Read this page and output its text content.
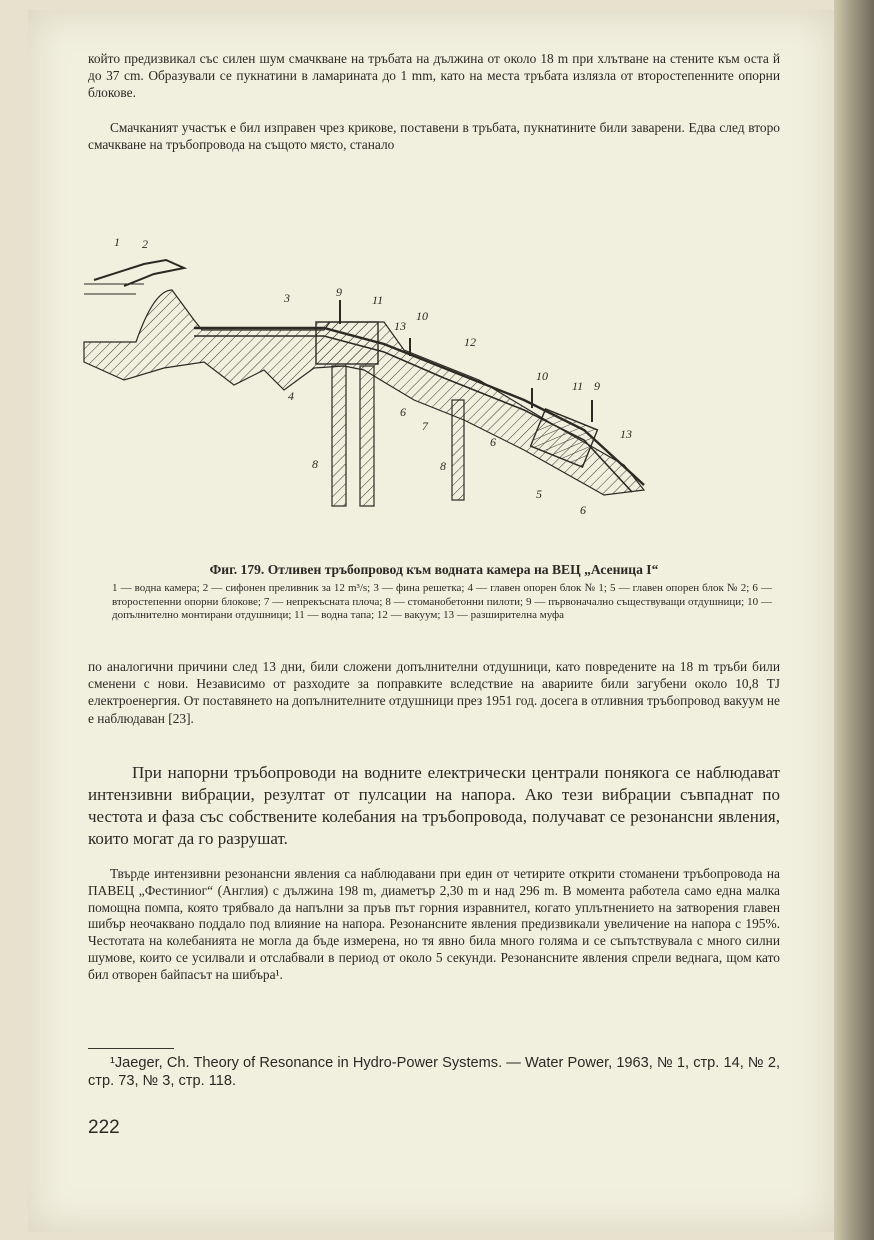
който предизвикал със силен шум смачкване на тръбата на дължина от около 18 m при хлътване на стените към оста й до 37 cm. Образували се пукнатини в ламарината до 1 mm, като на места тръбата излязла от второстепенните опорни блокове.

Смачканият участък е бил изправен чрез крикове, поставени в тръбата, пукнатините били заварени. Едва след второ смачкване на тръбопровода на същото място, станало

1 2
3	9
11
13
10
4
12
10
11 9
6
7
6
13
8	8
5
6

Фиг. 179. Отливен тръбопровод към водната камера на ВЕЦ „Асеница I“

1 — водна камера; 2 — сифонен преливник за 12 m³/s; 3 — фина решетка; 4 — главен опорен блок № 1; 5 — главен опорен блок № 2; 6 — второстепенни опорни блокове; 7 — непрекъсната плоча; 8 — стоманобетонни пилоти; 9 — първоначално съществуващи отдушници; 10 — допълнително монтирани отдушници; 11 — водна тапа; 12 — вакуум; 13 — разширителна муфа

по аналогични причини след 13 дни, били сложени допълнителни отдушници, като повредените на 18 m тръби били сменени с нови. Независимо от разходите за поправките вследствие на авариите били загубени около 10,8 TJ електроенергия. От поставянето на допълнителните отдушници през 1951 год. досега в отливния тръбопровод вакуум не е наблюдаван [23].

При напорни тръбопроводи на водните електрически централи понякога се наблюдават интензивни вибрации, резултат от пулсации на напора. Ако тези вибрации съвпаднат по честота и фаза със собствените колебания на тръбопровода, получават се резонансни явления, които могат да го разрушат.

Твърде интензивни резонансни явления са наблюдавани при един от четирите открити стоманени тръбопровода на ПАВЕЦ „Фестиниог“ (Англия) с дължина 198 m, диаметър 2,30 m и над 296 m. В момента работела само една малка помощна помпа, която трябвало да напълни за пръв път горния изравнител, когато уплътнението на затворения главен шибър неочаквано поддало под влияние на напора. Резонансните явления предизвикали увеличение на напора с 195%. Честотата на колебанията не могла да бъде измерена, но тя явно била много голяма и се съпътствувала с много силни шумове, които се усилвали и отслабвали в период от около 5 секунди. Резонансните явления спрели веднага, щом като бил отворен байпасът на шибъра¹.

¹Jaeger, Ch. Theory of Resonance in Hydro-Power Systems. — Water Power, 1963, № 1, стр. 14, № 2, стр. 73, № 3, стр. 118.

222
